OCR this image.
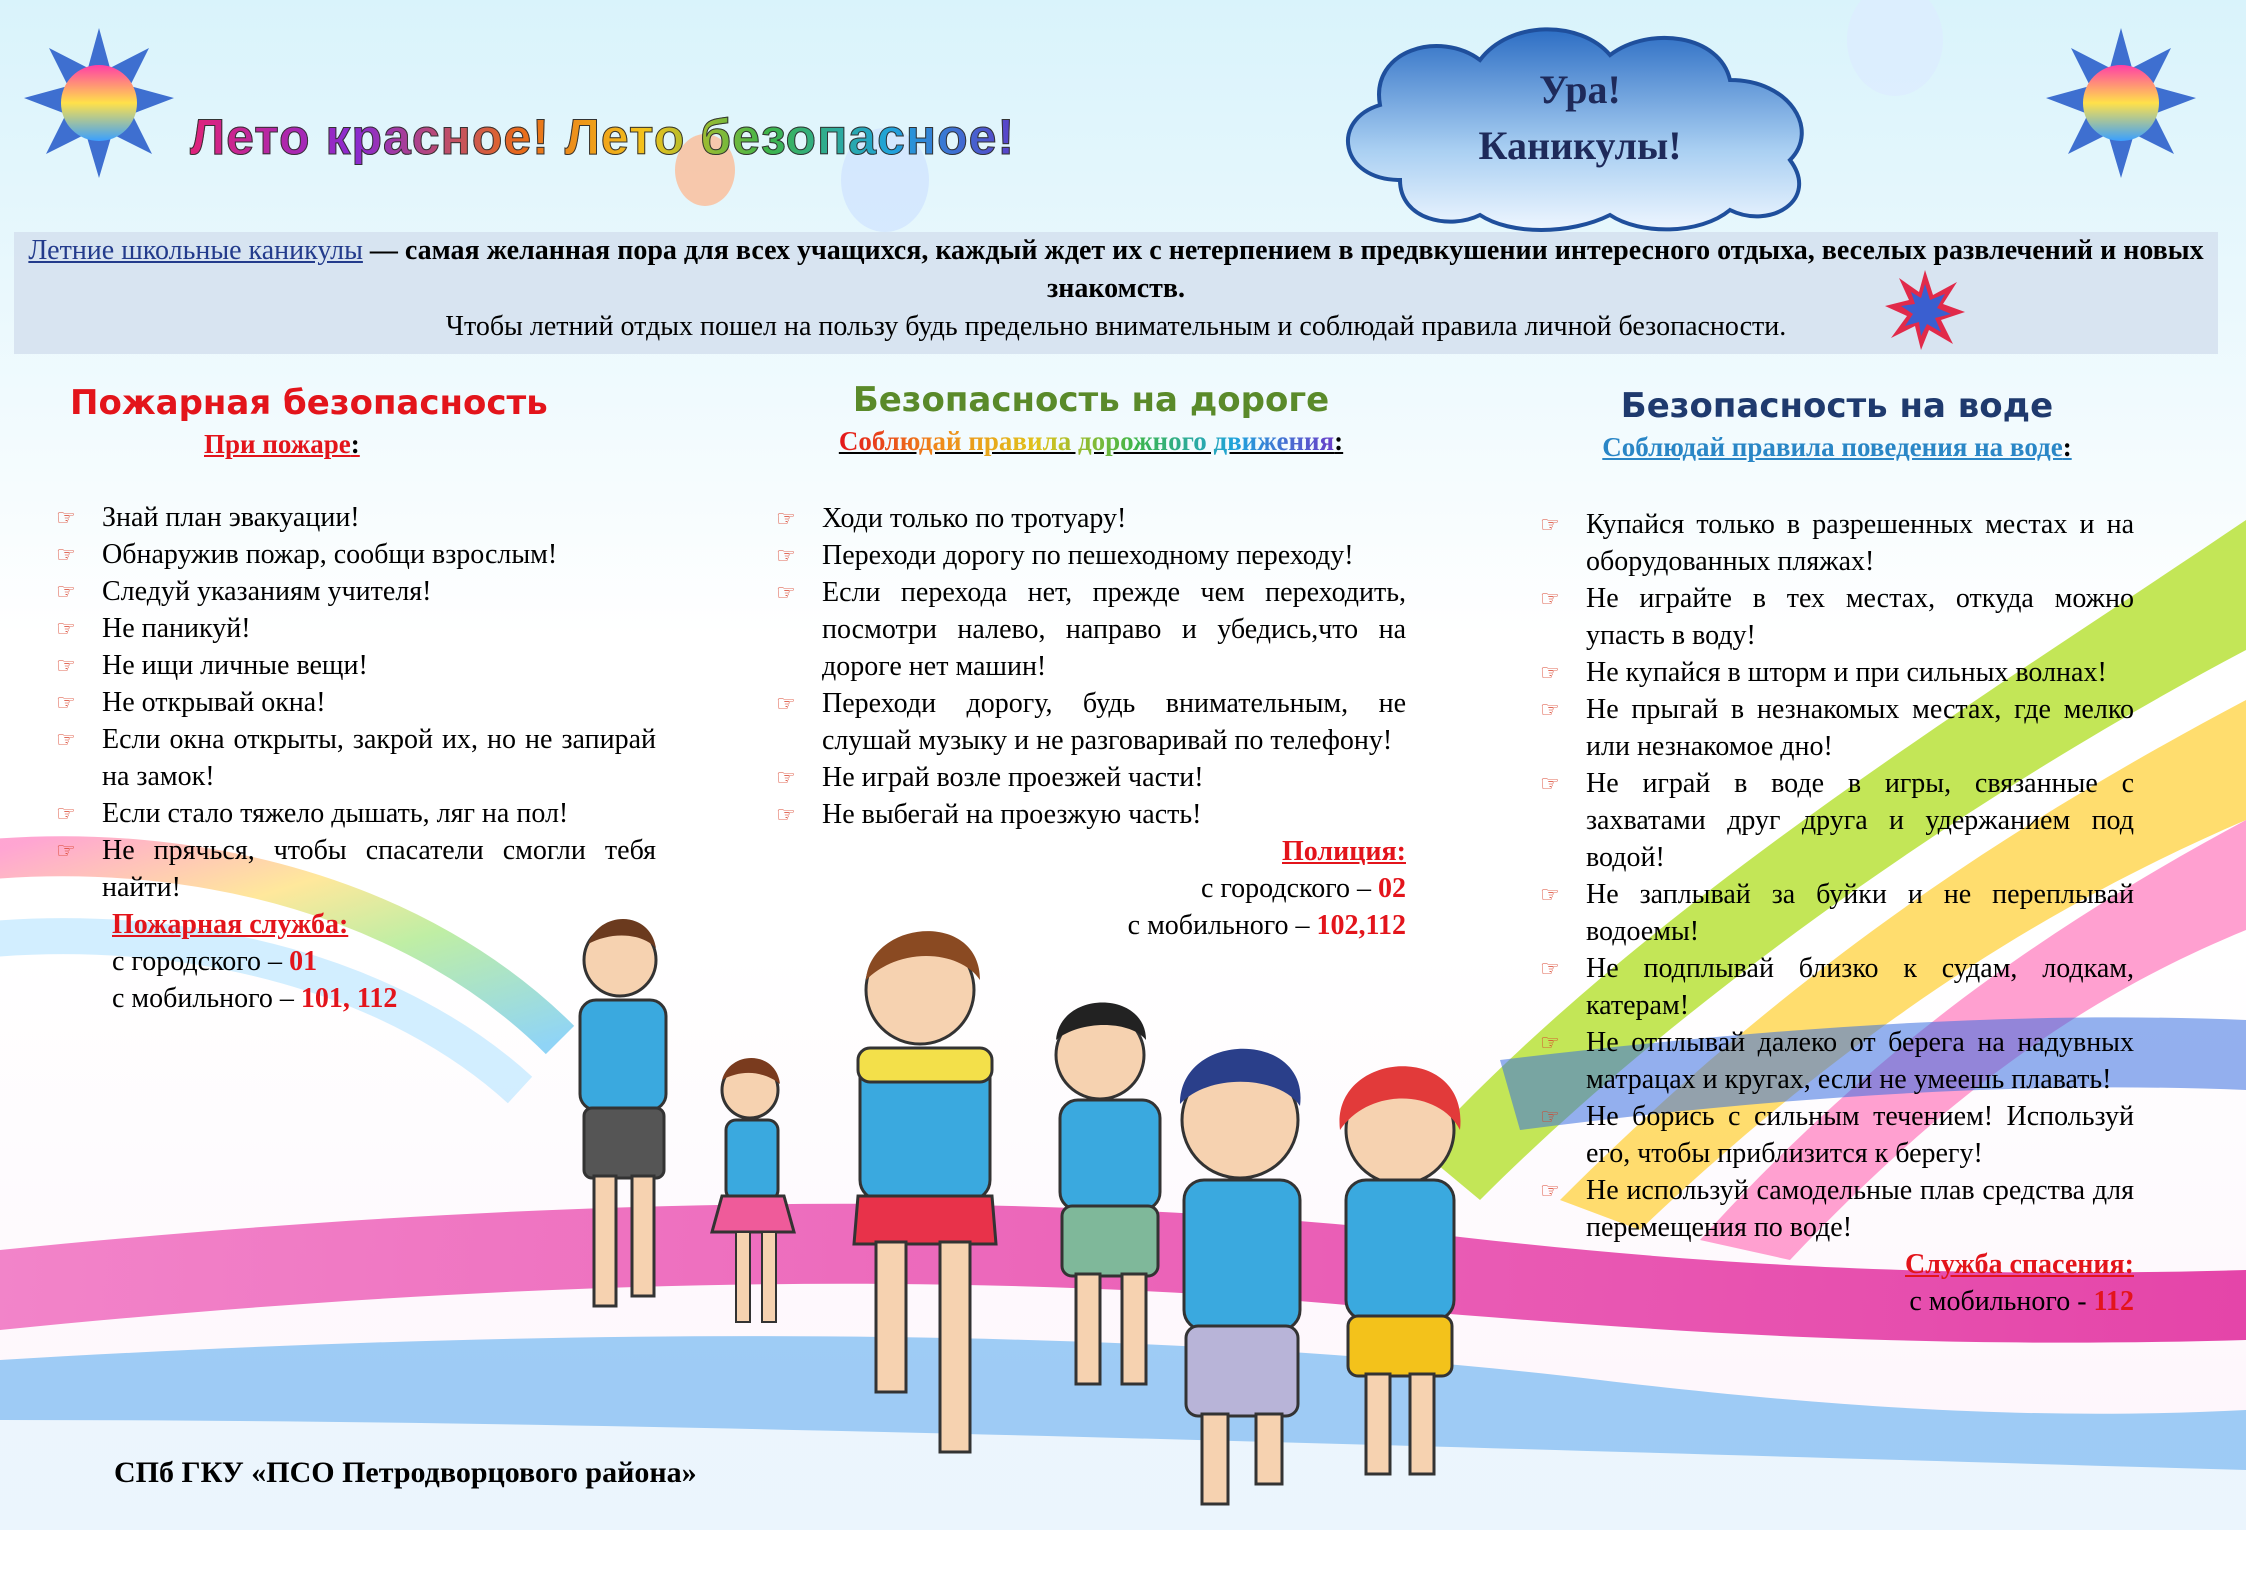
Лето красное! Лето безопасное!
Ура!
Каникулы!
Летние школьные каникулы — самая желанная пора для всех учащихся, каждый ждет их с нетерпением в предвкушении интересного отдыха, веселых развлечений и новых знакомств.
Чтобы летний отдых пошел на пользу будь предельно внимательным и соблюдай правила личной безопасности.
Пожарная безопасность
При пожаре:
☞ Знай план эвакуации!
☞ Обнаружив пожар, сообщи взрослым!
☞ Следуй указаниям учителя!
☞ Не паникуй!
☞ Не ищи личные вещи!
☞ Не открывай окна!
☞ Если окна открыты, закрой их, но не запирай на замок!
☞ Если стало тяжело дышать, ляг на пол!
☞ Не прячься, чтобы спасатели смогли тебя найти!
Пожарная служба:
с городского – 01
с мобильного – 101, 112
Безопасность на дороге
Соблюдай правила дорожного движения:
☞ Ходи только по тротуару!
☞ Переходи дорогу по пешеходному переходу!
☞ Если перехода нет, прежде чем переходить, посмотри налево, направо и убедись,что на дороге нет машин!
☞ Переходи дорогу, будь внимательным, не слушай музыку и не разговаривай по телефону!
☞ Не играй возле проезжей части!
☞ Не выбегай на проезжую часть!
Полиция:
с городского – 02
с мобильного – 102,112
Безопасность на воде
Соблюдай правила поведения на воде:
☞ Купайся только в разрешенных местах и на оборудованных пляжах!
☞ Не играйте в тех местах, откуда можно упасть в воду!
☞ Не купайся в шторм и при сильных волнах!
☞ Не прыгай в незнакомых местах, где мелко или незнакомое дно!
☞ Не играй в воде в игры, связанные с захватами друг друга и удержанием под водой!
☞ Не заплывай за буйки и не переплывай водоемы!
☞ Не подплывай близко к судам, лодкам, катерам!
☞ Не отплывай далеко от берега на надувных матрацах и кругах, если не умеешь плавать!
☞ Не борись с сильным течением! Используй его, чтобы приблизится к берегу!
☞ Не используй самодельные плав средства для перемещения по воде!
Служба спасения:
с мобильного - 112
СПб ГКУ «ПСО Петродворцового района»
